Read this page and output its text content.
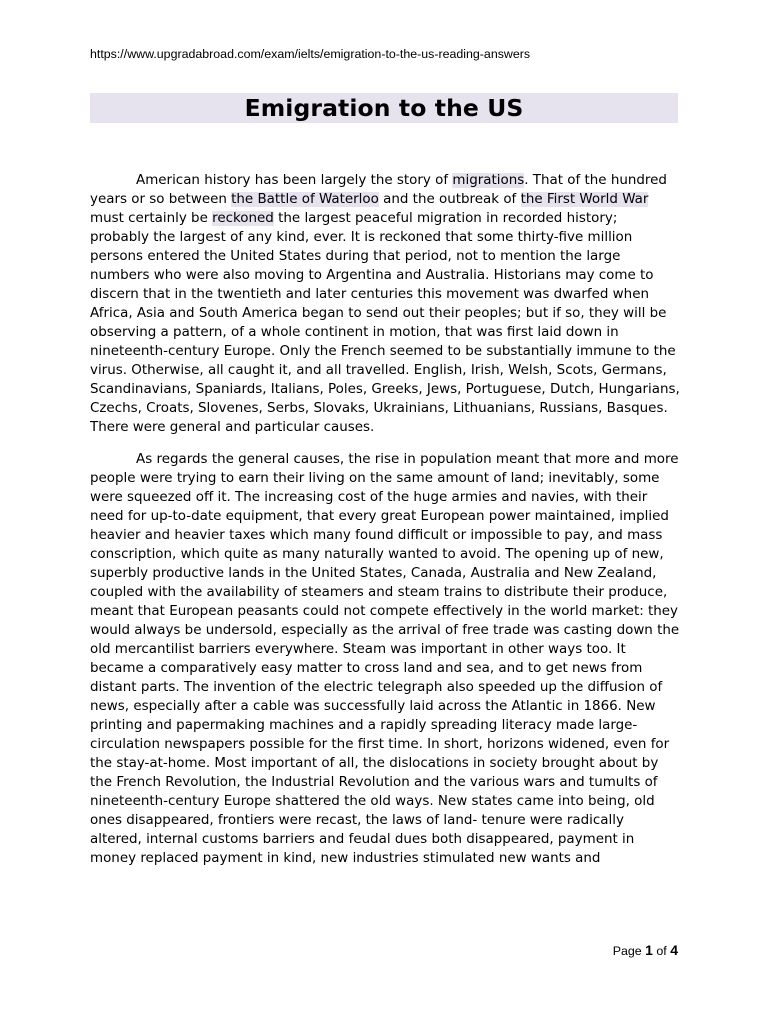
https://www.upgradabroad.com/exam/ielts/emigration-to-the-us-reading-answers
Emigration to the US

American history has been largely the story of migrations. That of the hundred years or so between the Battle of Waterloo and the outbreak of the First World War must certainly be reckoned the largest peaceful migration in recorded history; probably the largest of any kind, ever. It is reckoned that some thirty-five million persons entered the United States during that period, not to mention the large numbers who were also moving to Argentina and Australia. Historians may come to discern that in the twentieth and later centuries this movement was dwarfed when Africa, Asia and South America began to send out their peoples; but if so, they will be observing a pattern, of a whole continent in motion, that was first laid down in nineteenth-century Europe. Only the French seemed to be substantially immune to the virus. Otherwise, all caught it, and all travelled. English, Irish, Welsh, Scots, Germans, Scandinavians, Spaniards, Italians, Poles, Greeks, Jews, Portuguese, Dutch, Hungarians, Czechs, Croats, Slovenes, Serbs, Slovaks, Ukrainians, Lithuanians, Russians, Basques. There were general and particular causes.

As regards the general causes, the rise in population meant that more and more people were trying to earn their living on the same amount of land; inevitably, some were squeezed off it. The increasing cost of the huge armies and navies, with their need for up-to-date equipment, that every great European power maintained, implied heavier and heavier taxes which many found difficult or impossible to pay, and mass conscription, which quite as many naturally wanted to avoid. The opening up of new, superbly productive lands in the United States, Canada, Australia and New Zealand, coupled with the availability of steamers and steam trains to distribute their produce, meant that European peasants could not compete effectively in the world market: they would always be undersold, especially as the arrival of free trade was casting down the old mercantilist barriers everywhere. Steam was important in other ways too. It became a comparatively easy matter to cross land and sea, and to get news from distant parts. The invention of the electric telegraph also speeded up the diffusion of news, especially after a cable was successfully laid across the Atlantic in 1866. New printing and papermaking machines and a rapidly spreading literacy made large-circulation newspapers possible for the first time. In short, horizons widened, even for the stay-at-home. Most important of all, the dislocations in society brought about by the French Revolution, the Industrial Revolution and the various wars and tumults of nineteenth-century Europe shattered the old ways. New states came into being, old ones disappeared, frontiers were recast, the laws of land- tenure were radically altered, internal customs barriers and feudal dues both disappeared, payment in money replaced payment in kind, new industries stimulated new wants and

Page 1 of 4
